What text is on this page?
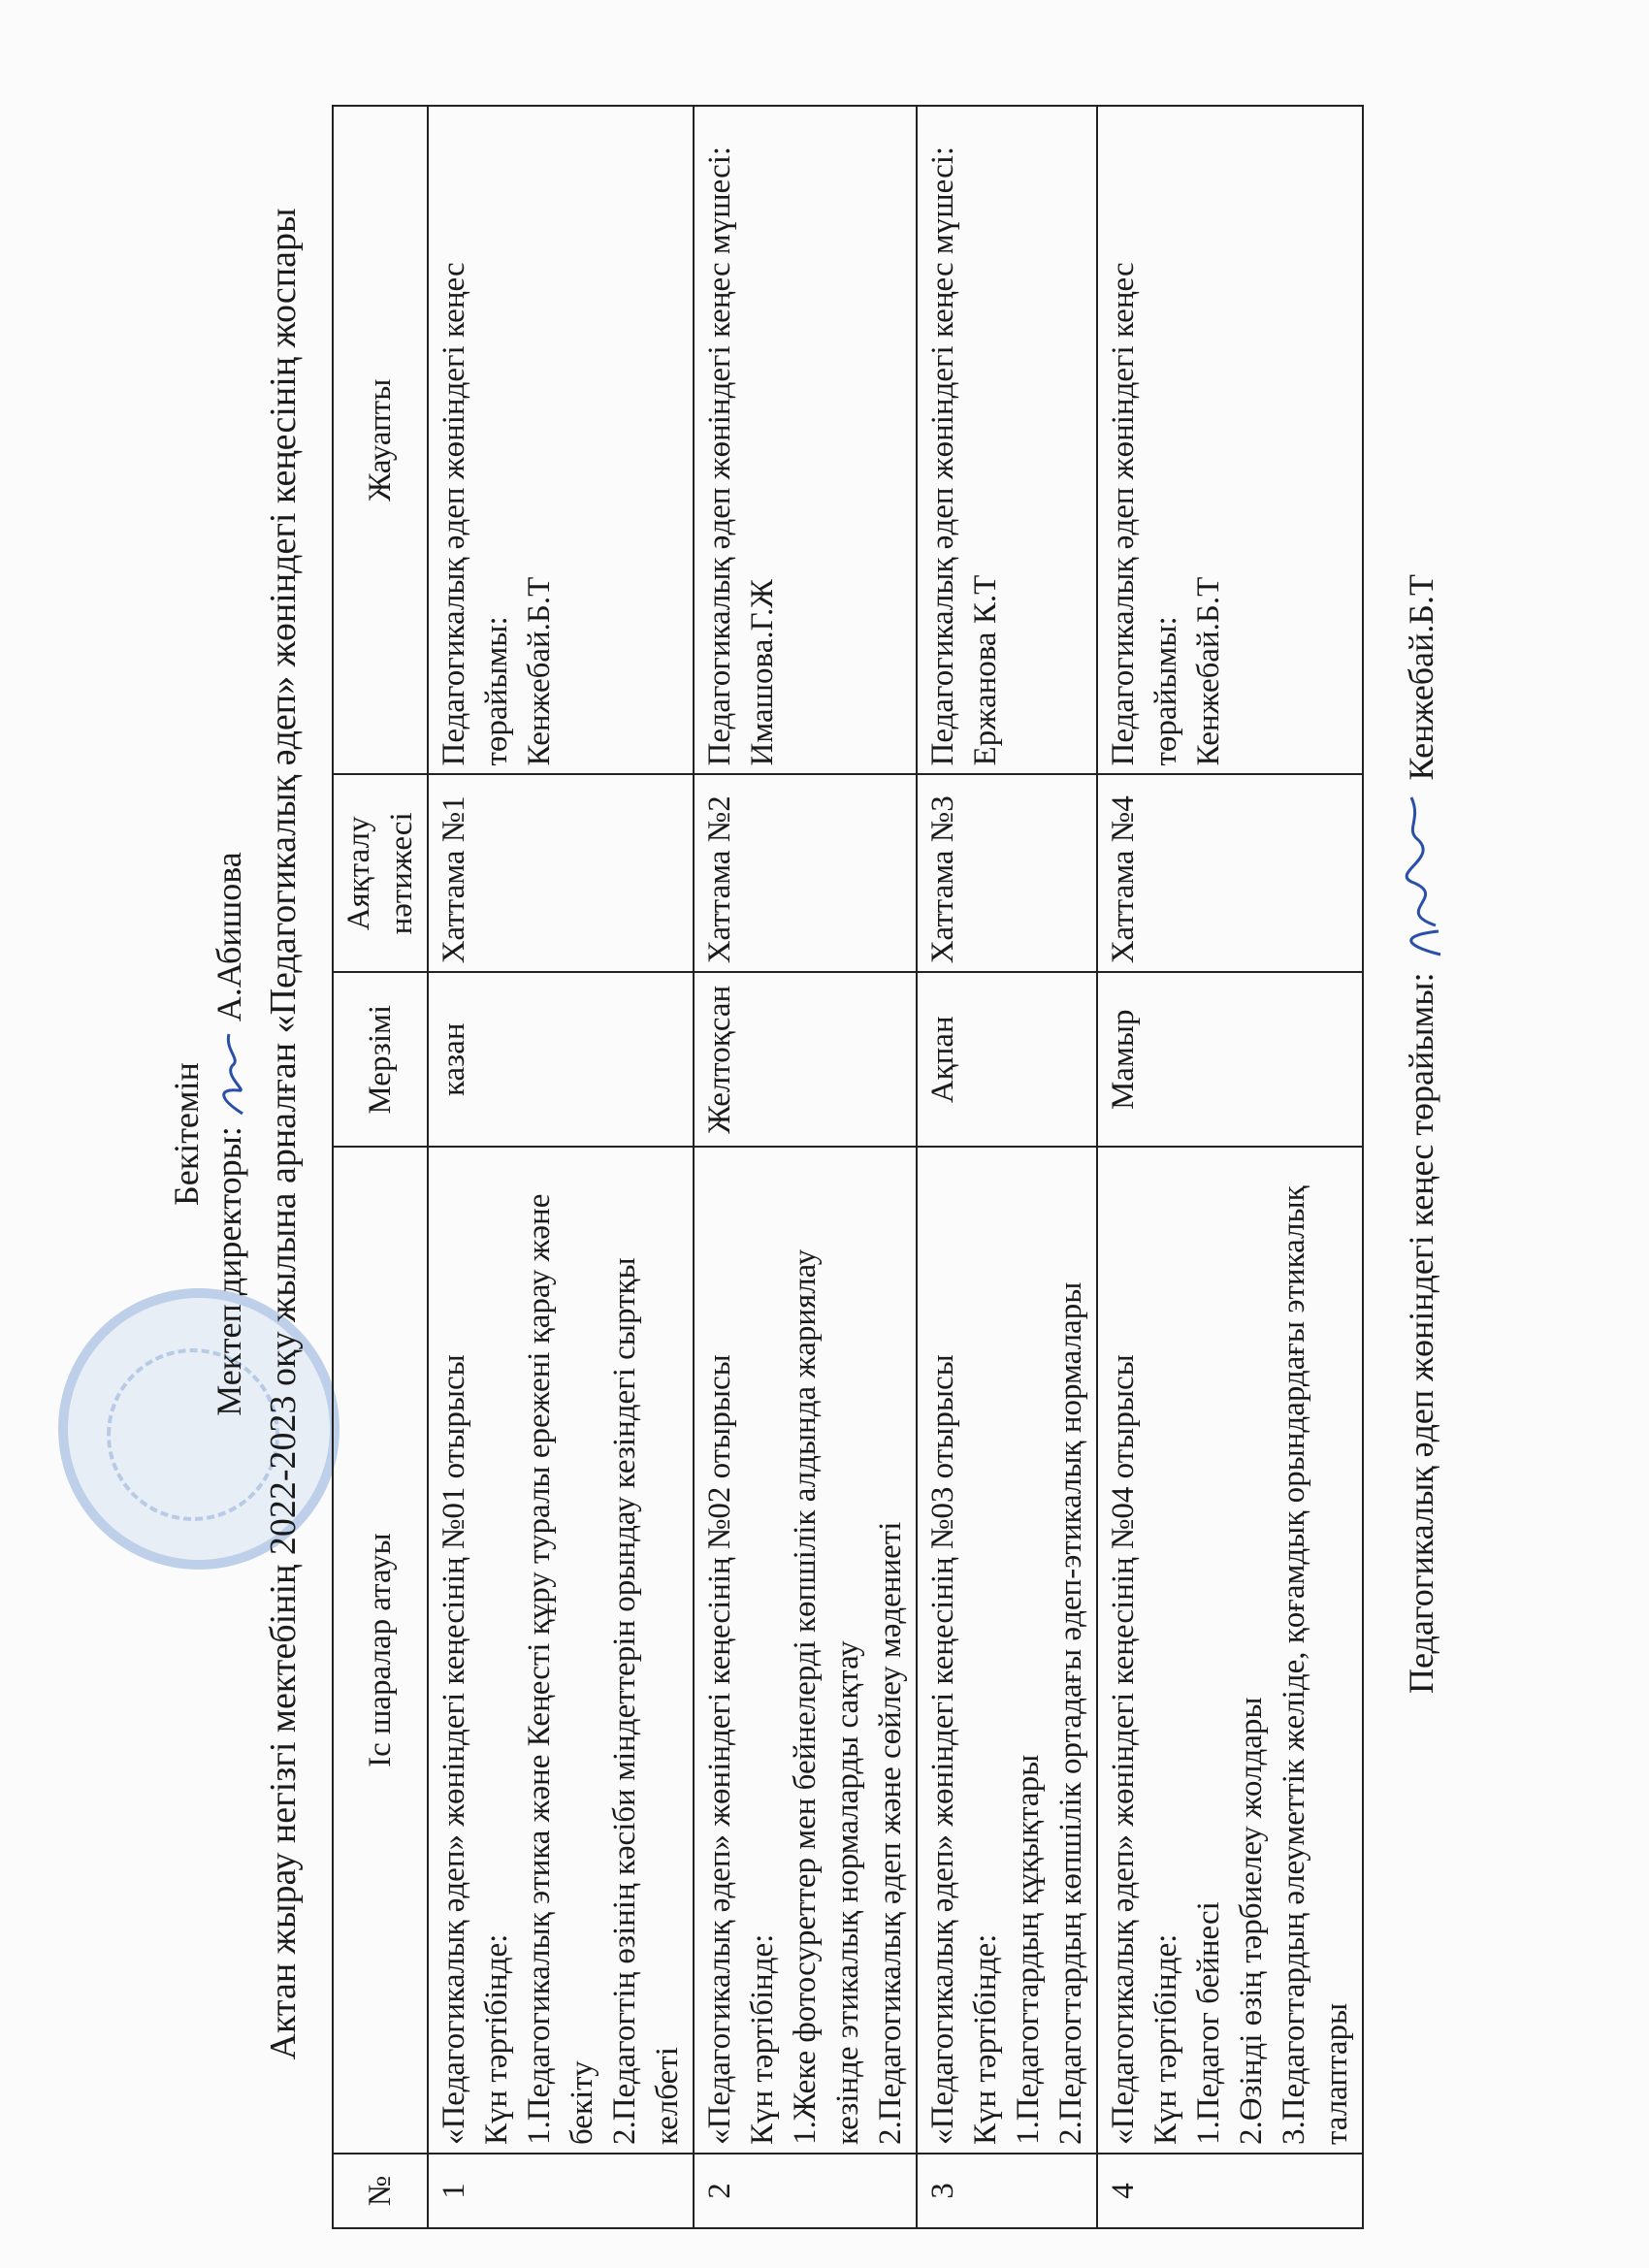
Бекітемін Мектеп директоры:  А.Абишова Актан жырау негізгі мектебінің 2022-2023 оқу жылына арналған «Педагогикалық әдеп» жөніндегі кеңесінің жоспары
№	Іс шаралар атауы	Мерзімі	Аяқталу нәтижесі	Жауапты
1	«Педагогикалық әдеп» жөніндегі кеңесінің №01 отырысы Күн тәртібінде: 1.Педагогикалық этика және Кеңесті құру туралы ережені қарау және бекіту 2.Педагогтің өзінің кәсіби міндеттерін орындау кезіндегі сыртқы келбеті	казан	Хаттама №1	Педагогикалық әдеп жөніндегі кеңес төрайымы: Кенжебай.Б.Т

2	«Педагогикалық әдеп» жөніндегі кеңесінің №02 отырысы Күн тәртібінде: 1.Жеке фотосуреттер мен бейнелерді көпшілік алдында жариялау кезінде этикалық нормаларды сақтау 2.Педагогикалық әдеп және сөйлеу мәдениеті	Желтоқсан	Хаттама №2	Педагогикалық әдеп жөніндегі кеңес мүшесі: Имашова.Г.Ж

3	«Педагогикалық әдеп» жөніндегі кеңесінің №03 отырысы Күн тәртібінде: 1.Педагогтардың құқықтары 2.Педагогтардың көпшілік ортадағы әдеп-этикалық нормалары	Ақпан	Хаттама №3	Педагогикалық әдеп жөніндегі кеңес мүшесі: Ержанова К.Т

4	«Педагогикалық әдеп» жөніндегі кеңесінің №04 отырысы Күн тәртібінде: 1.Педагог бейнесі 2.Өзінді өзің тәрбиелеу жолдары 3.Педагогтардың әлеуметтік желіде, қоғамдық орындардағы этикалық талаптары	Мамыр	Хаттама №4	Педагогикалық әдеп жөніндегі кеңес төрайымы: Кенжебай.Б.Т
Педагогикалық әдеп жөніндегі кеңес төрайымы:  Кенжебай.Б.Т
